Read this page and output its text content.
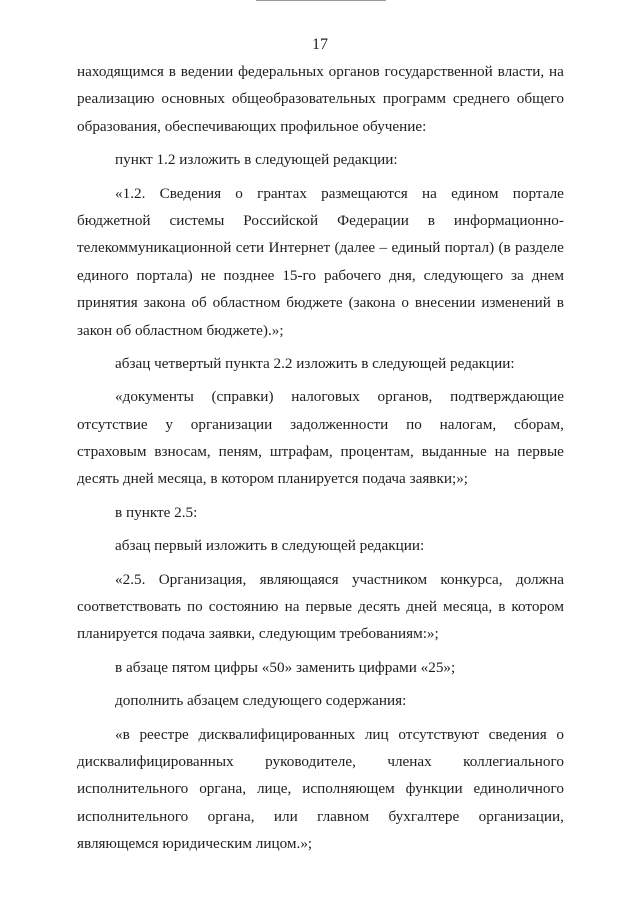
17
находящимся в ведении федеральных органов государственной власти, на
реализацию основных общеобразовательных программ среднего общего
образования, обеспечивающих профильное обучение:
пункт 1.2 изложить в следующей редакции:
«1.2. Сведения о грантах размещаются на едином портале
бюджетной системы Российской Федерации в информационно-
телекоммуникационной сети Интернет (далее – единый портал) (в разделе
единого портала) не позднее 15-го рабочего дня, следующего за днем
принятия закона об областном бюджете (закона о внесении изменений в
закон об областном бюджете).»;
абзац четвертый пункта 2.2 изложить в следующей редакции:
«документы (справки) налоговых органов, подтверждающие
отсутствие у организации задолженности по налогам, сборам,
страховым взносам, пеням, штрафам, процентам, выданные на первые
десять дней месяца, в котором планируется подача заявки;»;
в пункте 2.5:
абзац первый изложить в следующей редакции:
«2.5. Организация, являющаяся участником конкурса, должна
соответствовать по состоянию на первые десять дней месяца, в котором
планируется подача заявки, следующим требованиям:»;
в абзаце пятом цифры «50» заменить цифрами «25»;
дополнить абзацем следующего содержания:
«в реестре дисквалифицированных лиц отсутствуют сведения о
дисквалифицированных руководителе, членах коллегиального
исполнительного органа, лице, исполняющем функции единоличного
исполнительного органа, или главном бухгалтере организации,
являющемся юридическим лицом.»;
